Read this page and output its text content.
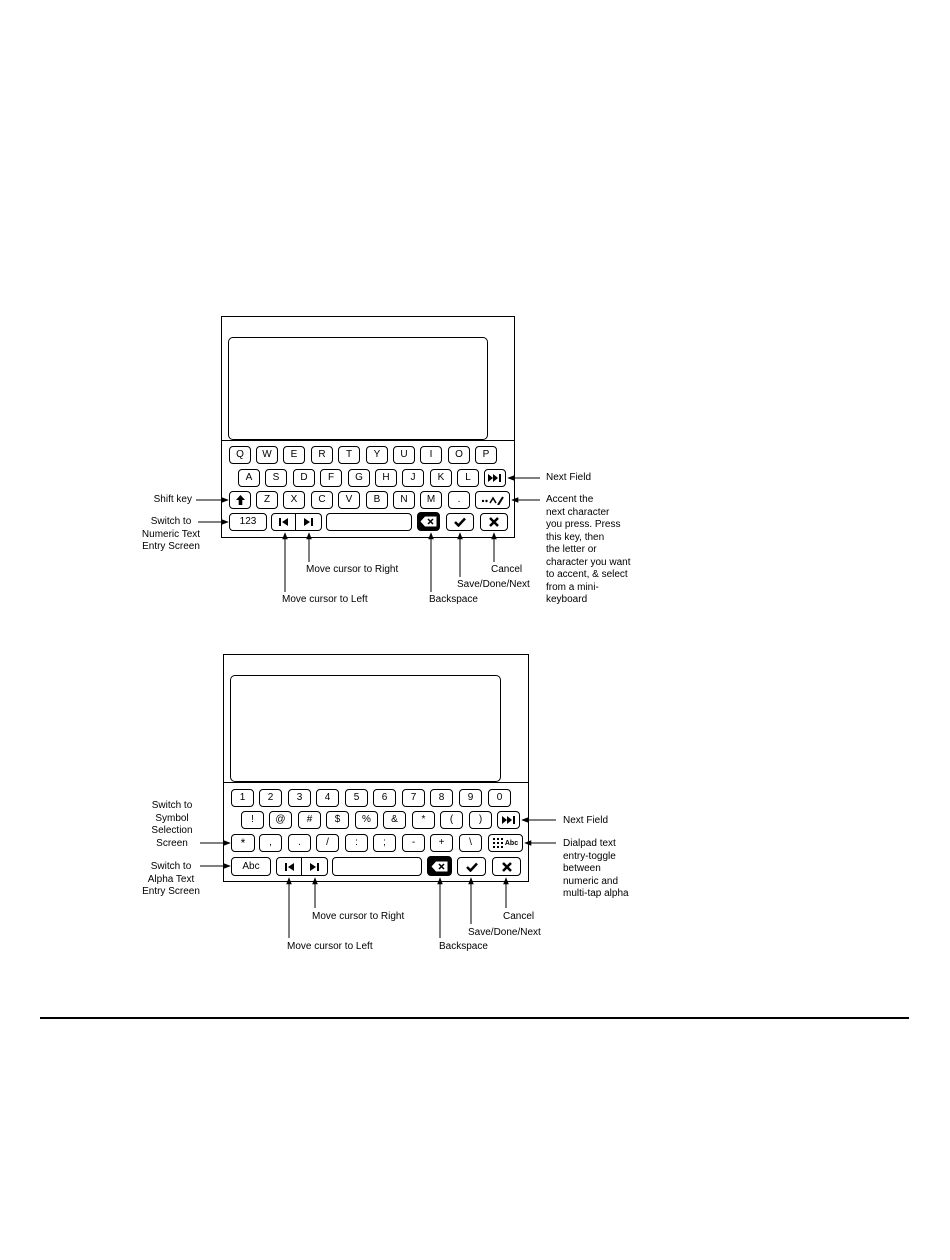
Q	W	E	R	T	Y	U	I	O	P
A	S	D	F	G	H	J	K	L
Z	X	C	V	B	N	M	.
123
Next Field
Shift key	Accent the
next character
you press. Press
this key, then
the letter or
character you want
to accent, & select
from a mini-
keyboard
Switch to
Numeric Text
Entry Screen
Move cursor to Right
Save/Done/Next
Cancel
Move cursor to Left	Backspace
1	2	3	4	5	6	7	8	9	0
!	@	#	$	%	&	*	(	)
*	,	.	/	:	;	-	+	\	Abc
Abc
Switch to
Symbol
Selection
Screen
Next Field
Dialpad text
entry-toggle
between
numeric and
multi-tap alpha
Switch to
Alpha Text
Entry Screen
Move cursor to Right	Cancel
Save/Done/Next
Move cursor to Left	Backspace
